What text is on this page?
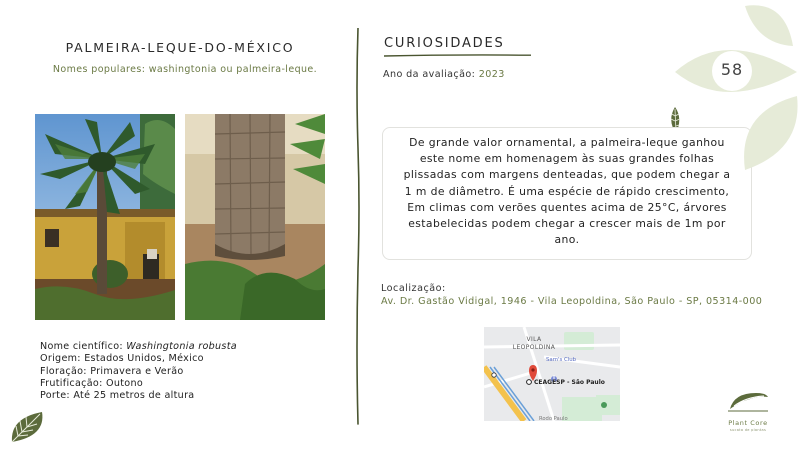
PALMEIRA-LEQUE-DO-MÉXICO
Nomes populares: washingtonia ou palmeira-leque.
Nome científico: Washingtonia robusta
Origem: Estados Unidos, México
Floração: Primavera e Verão
Frutificação: Outono
Porte: Até 25 metros de altura
CURIOSIDADES
Ano da avaliação: 2023
De grande valor ornamental, a palmeira-leque ganhou este nome em homenagem às suas grandes folhas plissadas com margens denteadas, que podem chegar a 1 m de diâmetro. É uma espécie de rápido crescimento, Em climas com verões quentes acima de 25°C, árvores estabelecidas podem chegar a crescer mais de 1m por ano.
Localização:
Av. Dr. Gastão Vidigal, 1946 - Vila Leopoldina, São Paulo - SP, 05314-000
VILA
LEOPOLDINA
Sam's Club
CEAGESP - São Paulo
Rodo Paulo
58
Plant Core
sucata de plantas
